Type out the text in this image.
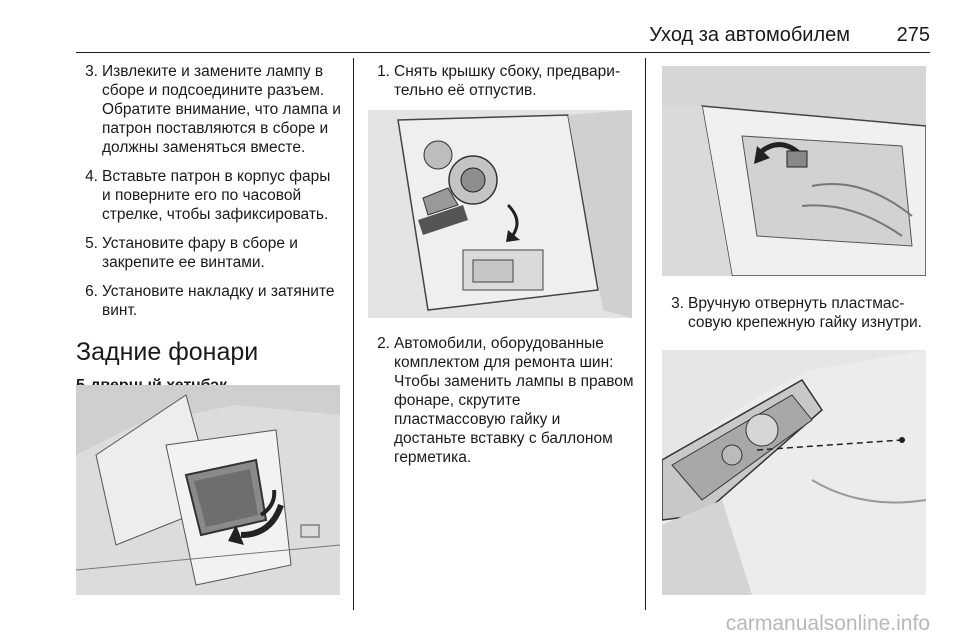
Уход за автомобилем	275
3. Извлеките и замените лампу в сборе и подсоедините разъем. Обратите внимание, что лампа и патрон поставляются в сборе и должны заменяться вместе.
4. Вставьте патрон в корпус фары и поверните его по часовой стрелке, чтобы зафиксировать.
5. Установите фару в сборе и закрепите ее винтами.
6. Установите накладку и затяните винт.
Задние фонари
1. Снять крышку сбоку, предварительно её отпустив.
2. Автомобили, оборудованные комплектом для ремонта шин: Чтобы заменить лампы в правом фонаре, скрутите пластмассовую гайку и достаньте вставку с баллоном герметика.
3. Вручную отвернуть пластмассовую крепежную гайку изнутри.
carmanualsonline.info
